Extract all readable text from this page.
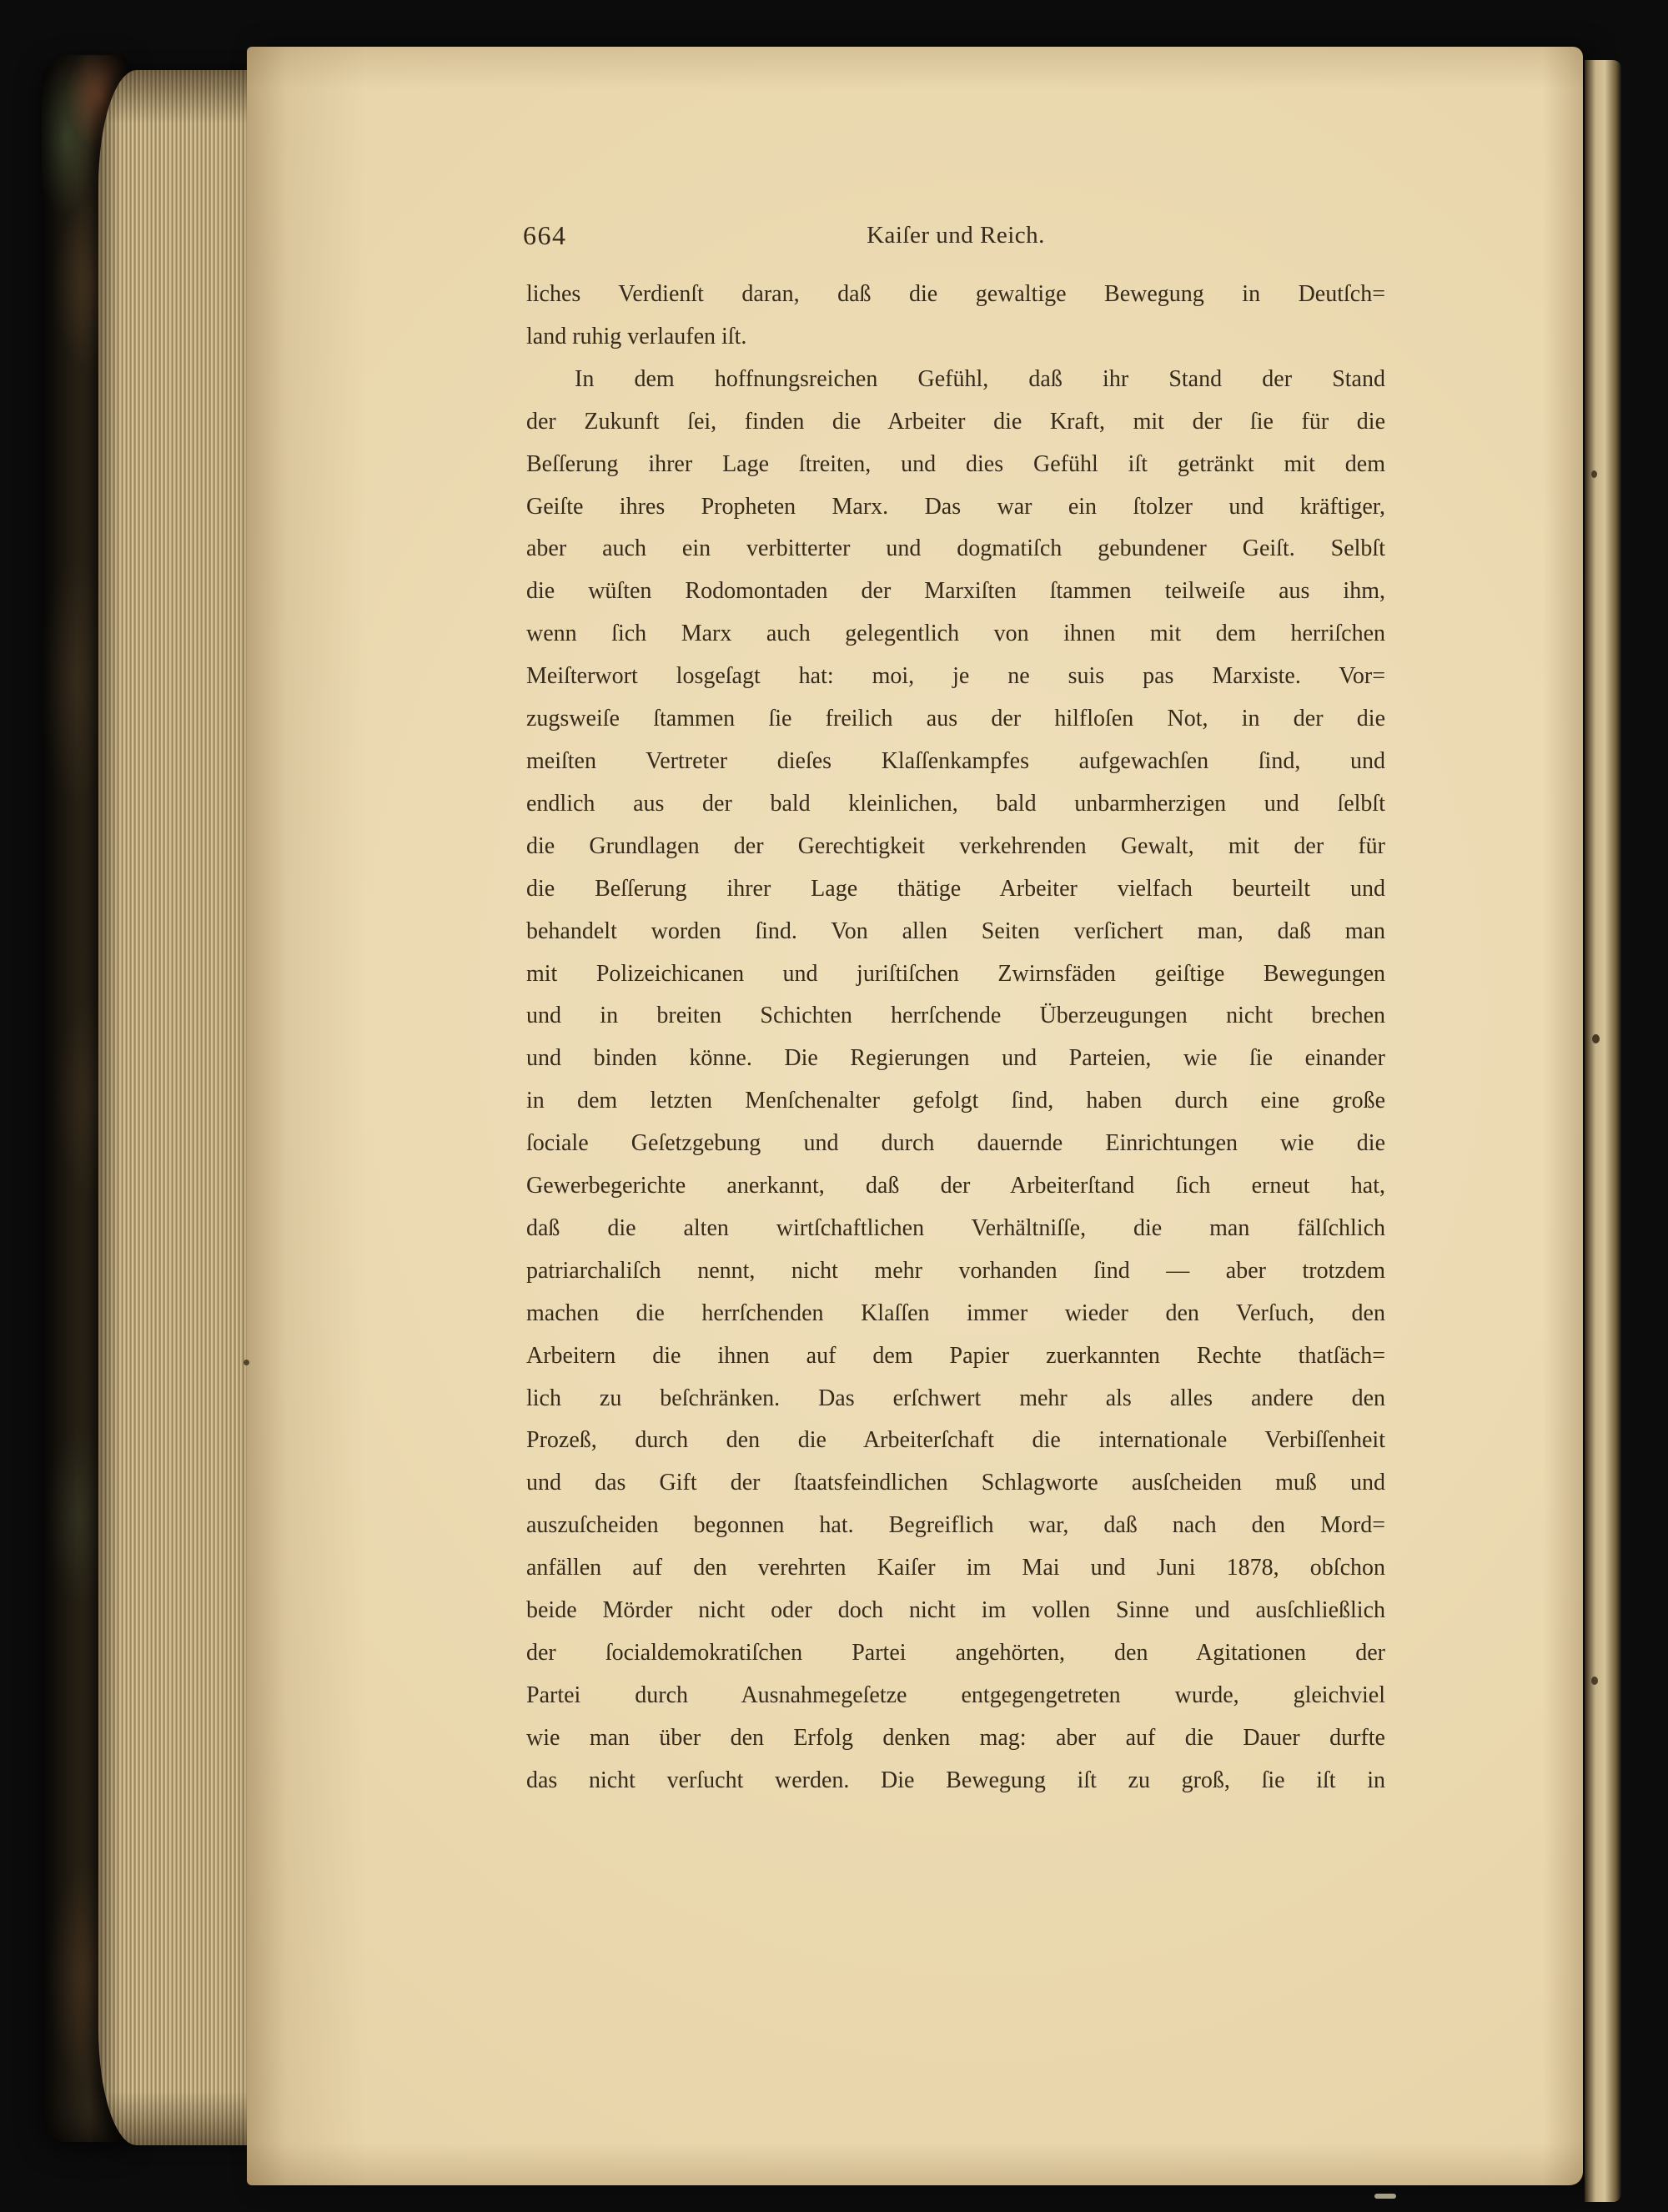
664	Kaiſer und Reich.
liches Verdienſt daran, daß die gewaltige Bewegung in Deutſch=
land ruhig verlaufen iſt.
In dem hoffnungsreichen Gefühl, daß ihr Stand der Stand
der Zukunft ſei, finden die Arbeiter die Kraft, mit der ſie für die
Beſſerung ihrer Lage ſtreiten, und dies Gefühl iſt getränkt mit dem
Geiſte ihres Propheten Marx. Das war ein ſtolzer und kräftiger,
aber auch ein verbitterter und dogmatiſch gebundener Geiſt. Selbſt
die wüſten Rodomontaden der Marxiſten ſtammen teilweiſe aus ihm,
wenn ſich Marx auch gelegentlich von ihnen mit dem herriſchen
Meiſterwort losgeſagt hat: moi, je ne suis pas Marxiste. Vor=
zugsweiſe ſtammen ſie freilich aus der hilfloſen Not, in der die
meiſten Vertreter dieſes Klaſſenkampfes aufgewachſen ſind, und
endlich aus der bald kleinlichen, bald unbarmherzigen und ſelbſt
die Grundlagen der Gerechtigkeit verkehrenden Gewalt, mit der für
die Beſſerung ihrer Lage thätige Arbeiter vielfach beurteilt und
behandelt worden ſind. Von allen Seiten verſichert man, daß man
mit Polizeichicanen und juriſtiſchen Zwirnsfäden geiſtige Bewegungen
und in breiten Schichten herrſchende Überzeugungen nicht brechen
und binden könne. Die Regierungen und Parteien, wie ſie einander
in dem letzten Menſchenalter gefolgt ſind, haben durch eine große
ſociale Geſetzgebung und durch dauernde Einrichtungen wie die
Gewerbegerichte anerkannt, daß der Arbeiterſtand ſich erneut hat,
daß die alten wirtſchaftlichen Verhältniſſe, die man fälſchlich
patriarchaliſch nennt, nicht mehr vorhanden ſind — aber trotzdem
machen die herrſchenden Klaſſen immer wieder den Verſuch, den
Arbeitern die ihnen auf dem Papier zuerkannten Rechte thatſäch=
lich zu beſchränken. Das erſchwert mehr als alles andere den
Prozeß, durch den die Arbeiterſchaft die internationale Verbiſſenheit
und das Gift der ſtaatsfeindlichen Schlagworte ausſcheiden muß und
auszuſcheiden begonnen hat. Begreiflich war, daß nach den Mord=
anfällen auf den verehrten Kaiſer im Mai und Juni 1878, obſchon
beide Mörder nicht oder doch nicht im vollen Sinne und ausſchließlich
der ſocialdemokratiſchen Partei angehörten, den Agitationen der
Partei durch Ausnahmegeſetze entgegengetreten wurde, gleichviel
wie man über den Erfolg denken mag: aber auf die Dauer durfte
das nicht verſucht werden. Die Bewegung iſt zu groß, ſie iſt in
